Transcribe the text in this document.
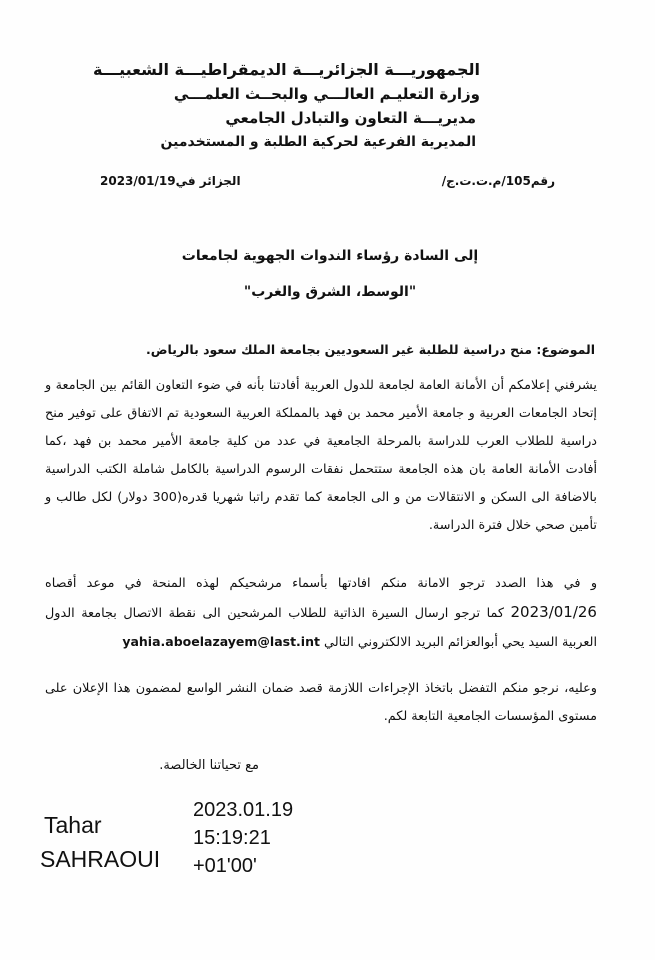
الجمهوريـــة الجزائريـــة الديمقراطيـــة الشعبيـــة
وزارة التعليـم العالـــي والبحــث العلمـــي
مديريـــة التعاون والتبادل الجامعي
المديرية الفرعية لحركية الطلبة و المستخدمين
رقم105/م.ت.ت.ج/
الجزائر في2023/01/19
إلى السادة رؤساء الندوات الجهوية لجامعات
"الوسط، الشرق والغرب"
الموضوع: منح دراسية للطلبة غير السعوديين بجامعة الملك سعود بالرياض.
يشرفني إعلامكم أن الأمانة العامة لجامعة للدول العربية أفادتنا بأنه في ضوء التعاون القائم بين الجامعة و إتحاد الجامعات العربية و جامعة الأمير محمد بن فهد بالمملكة العربية السعودية تم الاتفاق على توفير منح دراسية للطلاب العرب للدراسة بالمرحلة الجامعية في عدد من كلية جامعة الأمير محمد بن فهد ،كما أفادت الأمانة العامة بان هذه الجامعة ستتحمل نفقات الرسوم الدراسية بالكامل شاملة الكتب الدراسية بالاضافة الى السكن و الانتقالات من و الى الجامعة كما تقدم راتبا شهريا قدره(300 دولار) لكل طالب و تأمين صحي خلال فترة الدراسة.
و في هذا الصدد ترجو الامانة منكم افادتها بأسماء مرشحيكم لهذه المنحة في موعد أقصاه 2023/01/26 كما ترجو ارسال السيرة الذاتية للطلاب المرشحين الى نقطة الاتصال بجامعة الدول العربية السيد يحي أبوالعزائم البريد الالكتروني التالي yahia.aboelazayem@last.int
وعليه، نرجو منكم التفضل باتخاذ الإجراءات اللازمة قصد ضمان النشر الواسع لمضمون هذا الإعلان على مستوى المؤسسات الجامعية التابعة لكم.
مع تحياتنا الخالصة.
Tahar
SAHRAOUI
2023.01.19
15:19:21
+01'00'
